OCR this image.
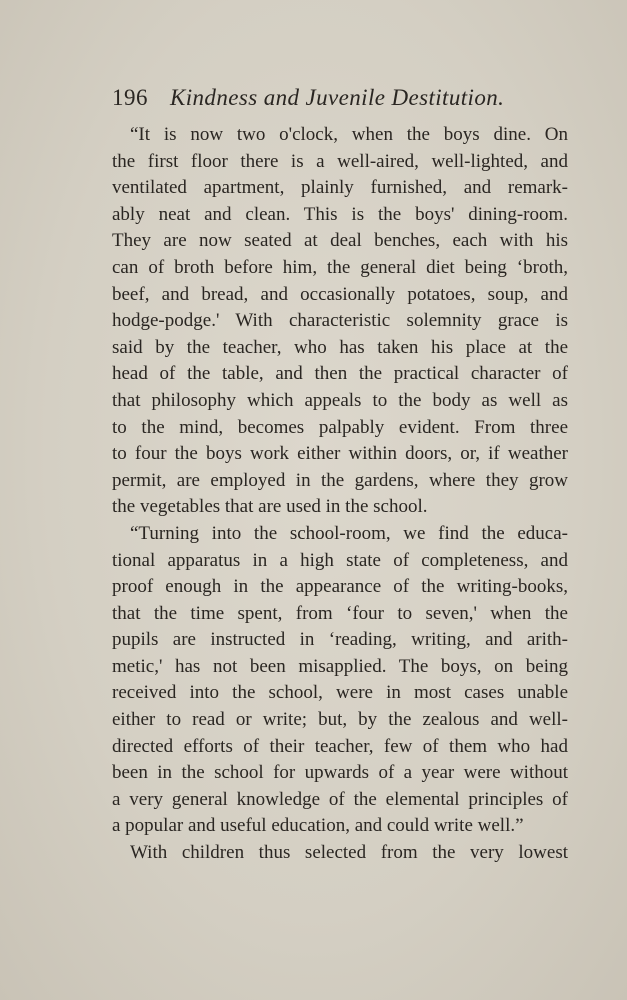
196 Kindness and Juvenile Destitution.
“It is now two o'clock, when the boys dine. On
the first floor there is a well-aired, well-lighted, and
ventilated apartment, plainly furnished, and remark-
ably neat and clean. This is the boys' dining-room.
They are now seated at deal benches, each with his
can of broth before him, the general diet being ‘broth,
beef, and bread, and occasionally potatoes, soup, and
hodge-podge.' With characteristic solemnity grace is
said by the teacher, who has taken his place at the
head of the table, and then the practical character of
that philosophy which appeals to the body as well as
to the mind, becomes palpably evident. From three
to four the boys work either within doors, or, if weather
permit, are employed in the gardens, where they grow
the vegetables that are used in the school.
“Turning into the school-room, we find the educa-
tional apparatus in a high state of completeness, and
proof enough in the appearance of the writing-books,
that the time spent, from ‘four to seven,' when the
pupils are instructed in ‘reading, writing, and arith-
metic,' has not been misapplied. The boys, on being
received into the school, were in most cases unable
either to read or write; but, by the zealous and well-
directed efforts of their teacher, few of them who had
been in the school for upwards of a year were without
a very general knowledge of the elemental principles of
a popular and useful education, and could write well.”
With children thus selected from the very lowest
